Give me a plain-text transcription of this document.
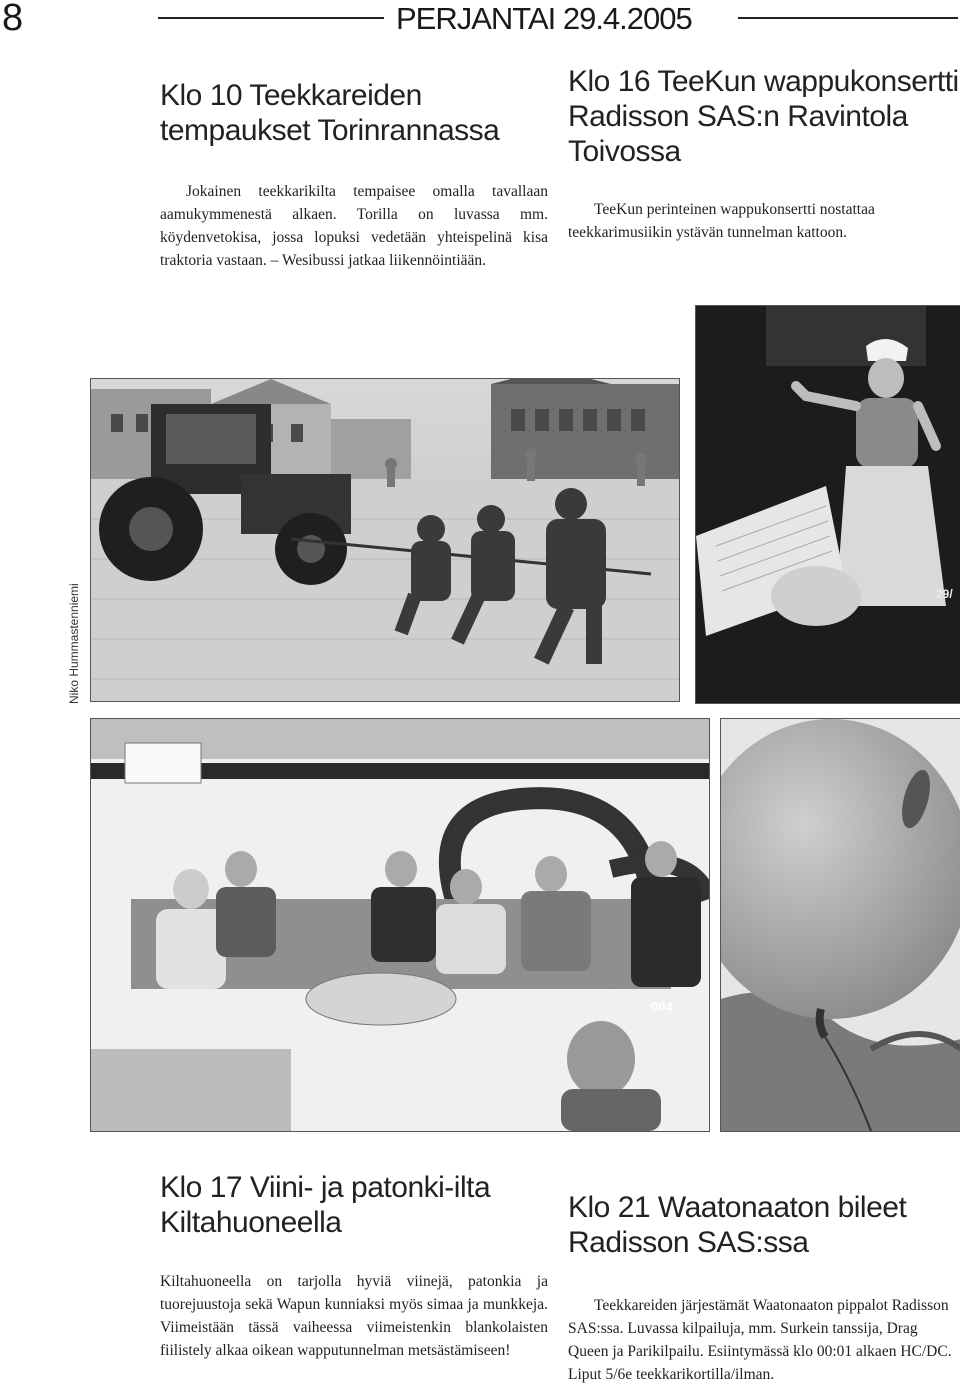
8	PERJANTAI 29.4.2005
Klo 10 Teekkareiden tempaukset Torinrannassa
Jokainen teekkarikilta tempaisee omalla tavallaan aamukymmenestä alkaen. Torilla on luvassa mm. köydenvetokisa, jossa lopuksi vedetään yhteispelinä kisa traktoria vastaan. – Wesibussi jatkaa liikennöintiään.
Klo 16 TeeKun wappukonsertti Radisson SAS:n Ravintola Toivossa
TeeKun perinteinen wappukonsertti nostattaa teekkarimusiikin ystävän tunnelman kattoon.
Niko Hummastenniemi	29/
004
Klo 17 Viini- ja patonki-ilta Kiltahuoneella
Kiltahuoneella on tarjolla hyviä viinejä, patonkia ja tuorejuustoja sekä Wapun kunniaksi myös simaa ja munkkeja. Viimeistään tässä vaiheessa viimeistenkin blankolaisten fiilistely alkaa oikean wapputunnelman metsästämiseen!
Klo 21 Waatonaaton bileet Radisson SAS:ssa
Teekkareiden järjestämät Waatonaaton pippalot Radisson SAS:ssa. Luvassa kilpailuja, mm. Surkein tanssija, Drag Queen ja Parikilpailu. Esiintymässä klo 00:01 alkaen HC/DC. Liput 5/6e teekkarikortilla/ilman.
